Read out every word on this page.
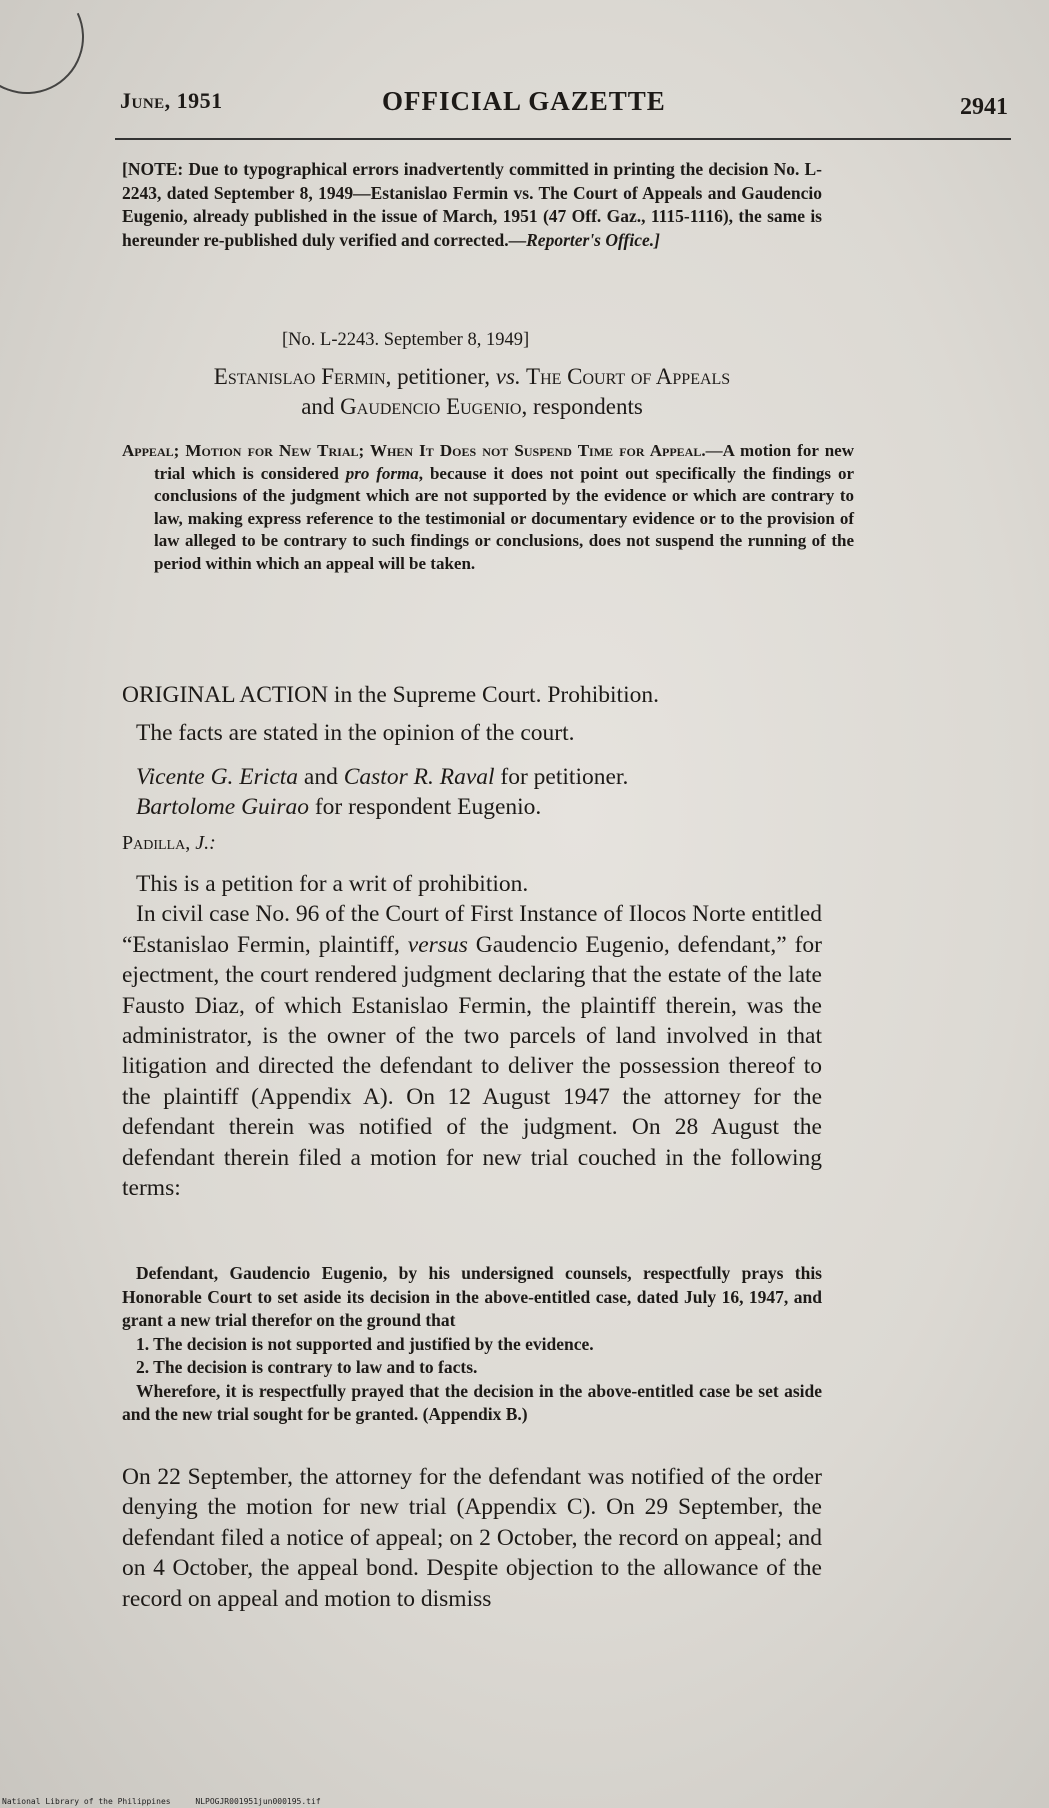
June, 1951	OFFICIAL GAZETTE	2941
[NOTE: Due to typographical errors inadvertently committed in printing the decision No. L-2243, dated September 8, 1949—Estanislao Fermin vs. The Court of Appeals and Gaudencio Eugenio, already published in the issue of March, 1951 (47 Off. Gaz., 1115-1116), the same is hereunder re-published duly verified and corrected.—Reporter's Office.]
[No. L-2243. September 8, 1949]
Estanislao Fermin, petitioner, vs. The Court of Appeals
and Gaudencio Eugenio, respondents
Appeal; Motion for New Trial; When It Does not Suspend Time for Appeal.—A motion for new trial which is considered pro forma, because it does not point out specifically the findings or conclusions of the judgment which are not supported by the evidence or which are contrary to law, making express reference to the testimonial or documentary evidence or to the provision of law alleged to be contrary to such findings or conclusions, does not suspend the running of the period within which an appeal will be taken.
ORIGINAL ACTION in the Supreme Court. Prohibition.
The facts are stated in the opinion of the court.
Vicente G. Ericta and Castor R. Raval for petitioner.
Bartolome Guirao for respondent Eugenio.
Padilla, J.:

This is a petition for a writ of prohibition.

In civil case No. 96 of the Court of First Instance of Ilocos Norte entitled “Estanislao Fermin, plaintiff, versus Gaudencio Eugenio, defendant,” for ejectment, the court rendered judgment declaring that the estate of the late Fausto Diaz, of which Estanislao Fermin, the plaintiff therein, was the administrator, is the owner of the two parcels of land involved in that litigation and directed the defendant to deliver the possession thereof to the plaintiff (Appendix A). On 12 August 1947 the attorney for the defendant therein was notified of the judgment. On 28 August the defendant therein filed a motion for new trial couched in the following terms:

Defendant, Gaudencio Eugenio, by his undersigned counsels, respectfully prays this Honorable Court to set aside its decision in the above-entitled case, dated July 16, 1947, and grant a new trial therefor on the ground that

1. The decision is not supported and justified by the evidence.

2. The decision is contrary to law and to facts.

Wherefore, it is respectfully prayed that the decision in the above-entitled case be set aside and the new trial sought for be granted. (Appendix B.)

On 22 September, the attorney for the defendant was notified of the order denying the motion for new trial (Appendix C). On 29 September, the defendant filed a notice of appeal; on 2 October, the record on appeal; and on 4 October, the appeal bond. Despite objection to the allowance of the record on appeal and motion to dismiss
National Library of the Philippines	NLPOGJR001951jun000195.tif
